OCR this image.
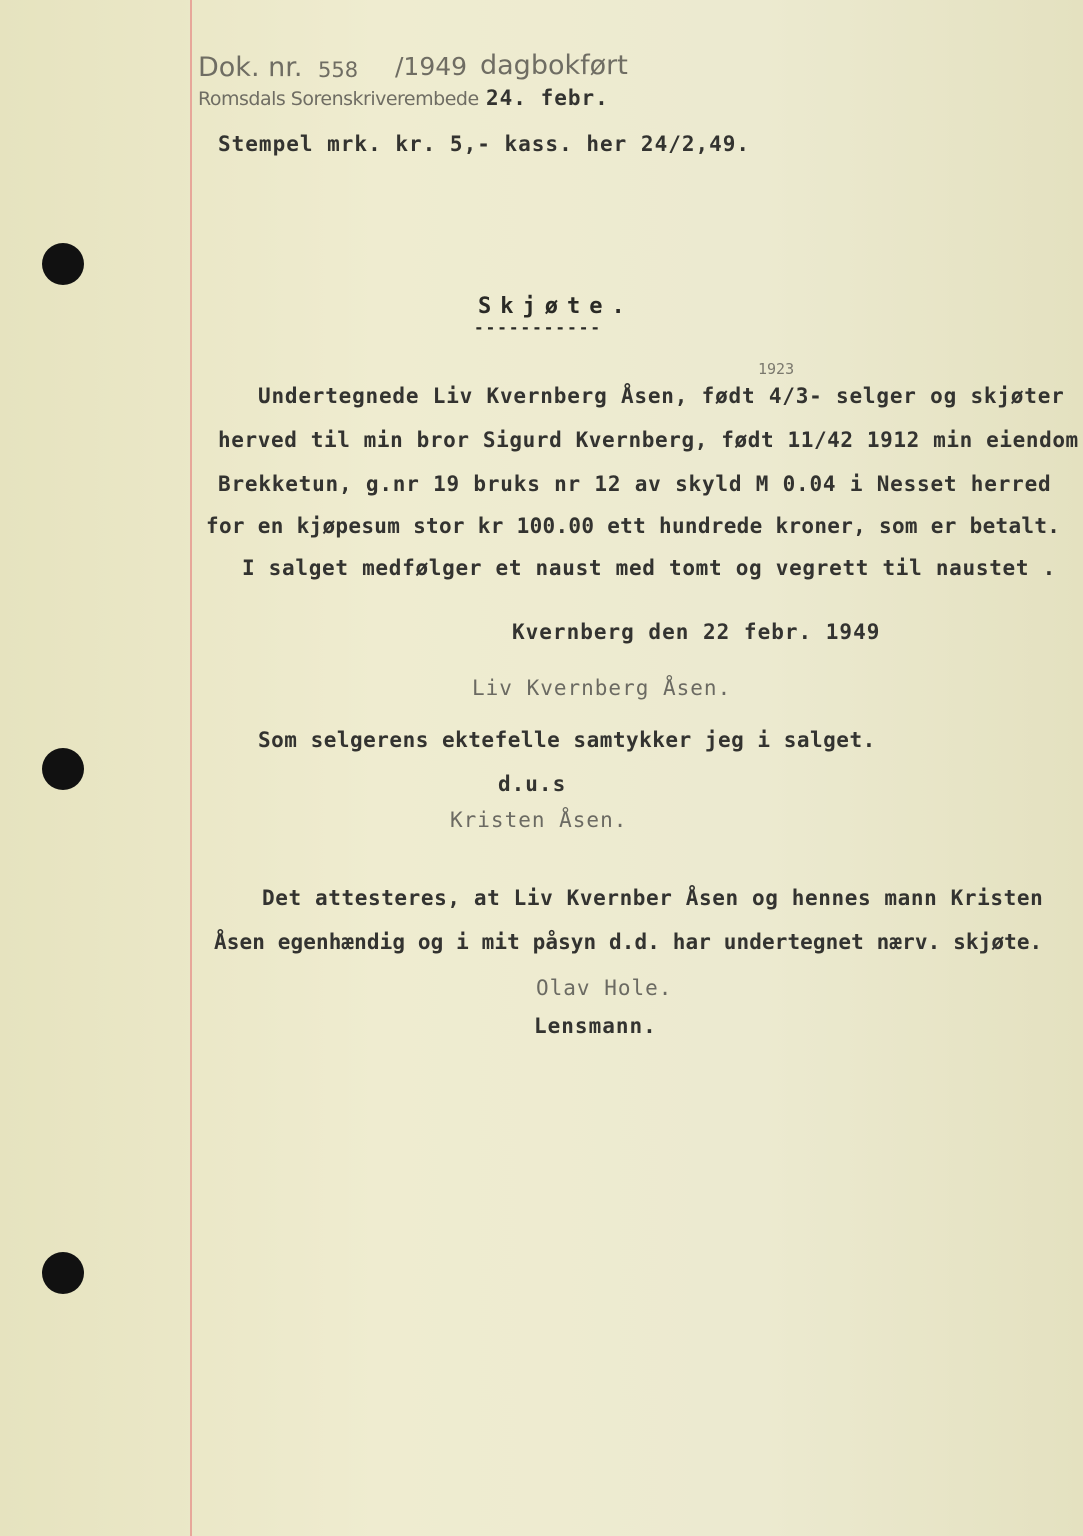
Dok. nr. 558 /1949 dagbokført
Romsdals Sorenskriverembede 24. febr.
Stempel mrk. kr. 5,- kass. her 24/2,49.
Skjøte.
-----------
1923
Undertegnede Liv Kvernberg Åsen, født 4/3- selger og skjøter
herved til min bror Sigurd Kvernberg, født 11/42 1912 min eiendom
Brekketun, g.nr 19 bruks nr 12 av skyld M 0.04 i Nesset herred
for en kjøpesum stor kr 100.00 ett hundrede kroner, som er betalt.
I salget medfølger et naust med tomt og vegrett til naustet .
Kvernberg den 22 febr. 1949
Liv Kvernberg Åsen.
Som selgerens ektefelle samtykker jeg i salget.
d.u.s
Kristen Åsen.
Det attesteres, at Liv Kvernber Åsen og hennes mann Kristen
Åsen egenhændig og i mit påsyn d.d. har undertegnet nærv. skjøte.
Olav Hole.
Lensmann.
